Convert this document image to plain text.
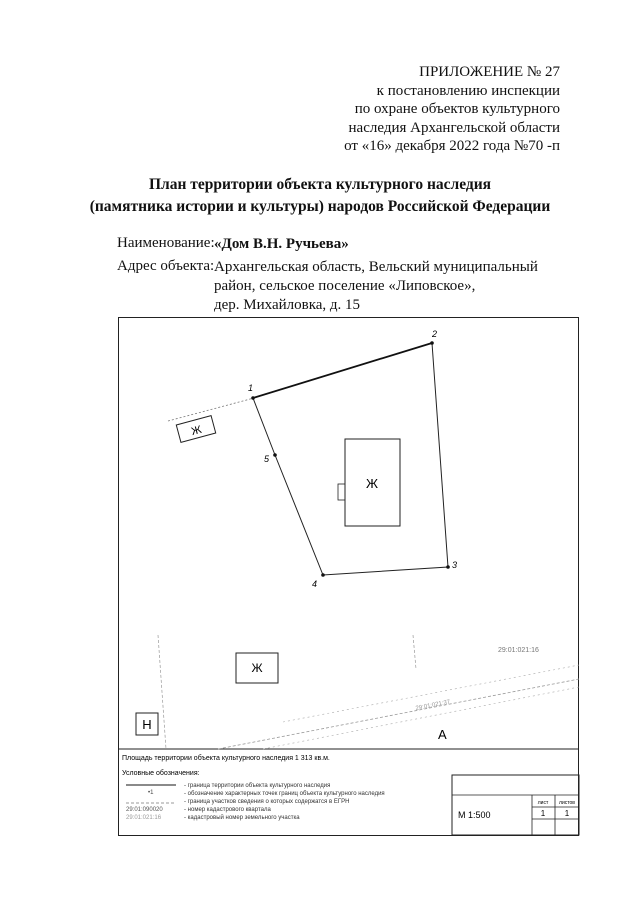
ПРИЛОЖЕНИЕ № 27
к постановлению инспекции
по охране объектов культурного
наследия Архангельской области
от «16» декабря 2022 года №70 -п
План территории объекта культурного наследия
(памятника истории и культуры) народов Российской Федерации
Наименование: «Дом В.Н. Ручьева»
Адрес объекта: Архангельская область, Вельский муниципальный
район, сельское поселение «Липовское»,
дер. Михайловка, д. 15
1
2
3
4
5
Ж
Ж
Ж
Н
А
29:01:021:16
29:01:021:37
Площадь территории объекта культурного наследия 1 313 кв.м.
Условные обозначения:
•1
29:01:090020
29:01:021:16
- граница территории объекта культурного наследия
- обозначение характерных точек границ объекта культурного наследия
- граница участков сведения о которых содержатся в ЕГРН
- номер кадастрового квартала
- кадастровый номер земельного участка	М 1:500
лист листов
1 1
